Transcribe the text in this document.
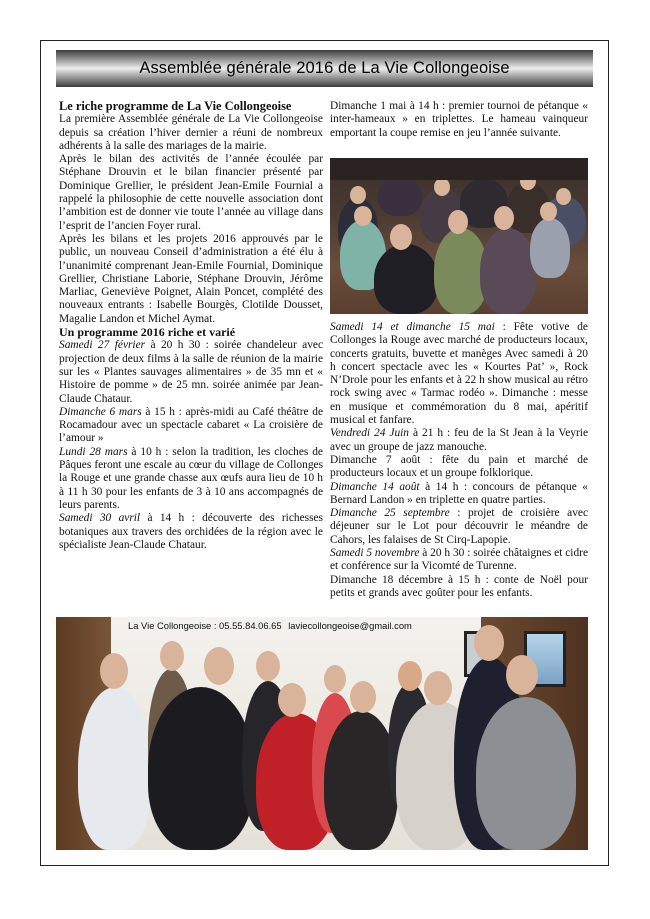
Assemblée générale 2016 de La Vie Collongeoise

Le riche programme de La Vie Collongeoise

La première Assemblée générale de La Vie Collongeoise depuis sa création l’hiver dernier a réuni de nombreux adhérents à la salle des mariages de la mairie.

Après le bilan des activités de l’année écoulée par Stéphane Drouvin et le bilan financier présenté par Dominique Grellier, le président Jean-Emile Fournial a rappelé la philosophie de cette nouvelle association dont l’ambition est de donner vie toute l’année au village dans l’esprit de l’ancien Foyer rural.

Après les bilans et les projets 2016 approuvés par le public, un nouveau Conseil d’administration a été élu à l’unanimité comprenant Jean-Emile Fournial, Dominique Grellier, Christiane Laborie, Stéphane Drouvin, Jérôme Marliac, Geneviève Poignet, Alain Poncet, complété des nouveaux entrants : Isabelle Bourgès, Clotilde Dousset, Magalie Landon et Michel Aymat.

Un programme 2016 riche et varié

Samedi 27 février à 20 h 30 : soirée chandeleur avec projection de deux films à la salle de réunion de la mairie sur les « Plantes sauvages alimentaires » de 35 mn et « Histoire de pomme » de 25 mn. soirée animée par Jean-Claude Chataur.

Dimanche 6 mars à 15 h : après-midi au Café théâtre de Rocamadour avec un spectacle cabaret « La croisière de l’amour »

Lundi 28 mars à 10 h : selon la tradition, les cloches de Pâques feront une escale au cœur du village de Collonges la Rouge et une grande chasse aux œufs aura lieu de 10 h à 11 h 30 pour les enfants de 3 à 10 ans accompagnés de leurs parents.

Samedi 30 avril à 14 h : découverte des richesses botaniques aux travers des orchidées de la région avec le spécialiste Jean-Claude Chataur.

Dimanche 1 mai à 14 h : premier tournoi de pétanque « inter-hameaux » en triplettes. Le hameau vainqueur emportant la coupe remise en jeu l’année suivante.

Samedi 14 et dimanche 15 mai : Fête votive de Collonges la Rouge avec marché de producteurs locaux, concerts gratuits, buvette et manèges Avec samedi à 20 h concert spectacle avec les « Kourtes Pat’ », Rock N’Drole pour les enfants et à 22 h show musical au rétro rock swing avec « Tarmac rodéo ». Dimanche : messe en musique et commémoration du 8 mai, apéritif musical et fanfare.

Vendredi 24 Juin à 21 h : feu de la St Jean à la Veyrie avec un groupe de jazz manouche.

Dimanche 7 août : fête du pain et marché de producteurs locaux et un groupe folklorique.

Dimanche 14 août à 14 h : concours de pétanque « Bernard Landon » en triplette en quatre parties.

Dimanche 25 septembre : projet de croisière avec déjeuner sur le Lot pour découvrir le méandre de Cahors, les falaises de St Cirq-Lapopie.

Samedi 5 novembre à 20 h 30 : soirée châtaignes et cidre et conférence sur la Vicomté de Turenne.

Dimanche 18 décembre à 15 h : conte de Noël pour petits et grands avec goûter pour les enfants.

La Vie Collongeoise : 05.55.84.06.65 laviecollongeoise@gmail.com
